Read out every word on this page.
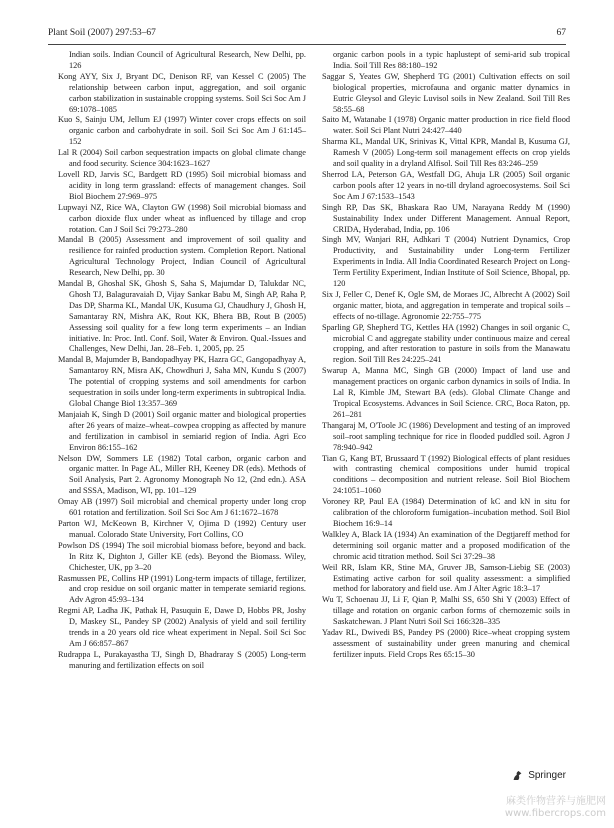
Plant Soil (2007) 297:53–67	67

Indian soils. Indian Council of Agricultural Research, New Delhi, pp. 126

Kong AYY, Six J, Bryant DC, Denison RF, van Kessel C (2005) The relationship between carbon input, aggregation, and soil organic carbon stabilization in sustainable cropping systems. Soil Sci Soc Am J 69:1078–1085

Kuo S, Sainju UM, Jellum EJ (1997) Winter cover crops effects on soil organic carbon and carbohydrate in soil. Soil Sci Soc Am J 61:145–152

Lal R (2004) Soil carbon sequestration impacts on global climate change and food security. Science 304:1623–1627

Lovell RD, Jarvis SC, Bardgett RD (1995) Soil microbial biomass and acidity in long term grassland: effects of management changes. Soil Biol Biochem 27:969–975

Lupwayi NZ, Rice WA, Clayton GW (1998) Soil microbial biomass and carbon dioxide flux under wheat as influenced by tillage and crop rotation. Can J Soil Sci 79:273–280

Mandal B (2005) Assessment and improvement of soil quality and resilience for rainfed production system. Completion Report. National Agricultural Technology Project, Indian Council of Agricultural Research, New Delhi, pp. 30

Mandal B, Ghoshal SK, Ghosh S, Saha S, Majumdar D, Talukdar NC, Ghosh TJ, Balaguravaiah D, Vijay Sankar Babu M, Singh AP, Raha P, Das DP, Sharma KL, Mandal UK, Kusuma GJ, Chaudhury J, Ghosh H, Samantaray RN, Mishra AK, Rout KK, Bhera BB, Rout B (2005) Assessing soil quality for a few long term experiments – an Indian initiative. In: Proc. Intl. Conf. Soil, Water & Environ. Qual.-Issues and Challenges, New Delhi, Jan. 28–Feb. 1, 2005, pp. 25

Mandal B, Majumder B, Bandopadhyay PK, Hazra GC, Gangopadhyay A, Samantaroy RN, Misra AK, Chowdhuri J, Saha MN, Kundu S (2007) The potential of cropping systems and soil amendments for carbon sequestration in soils under long-term experiments in subtropical India. Global Change Biol 13:357–369

Manjaiah K, Singh D (2001) Soil organic matter and biological properties after 26 years of maize–wheat–cowpea cropping as affected by manure and fertilization in cambisol in semiarid region of India. Agri Eco Environ 86:155–162

Nelson DW, Sommers LE (1982) Total carbon, organic carbon and organic matter. In Page AL, Miller RH, Keeney DR (eds). Methods of Soil Analysis, Part 2. Agronomy Monograph No 12, (2nd edn.). ASA and SSSA, Madison, WI, pp. 101–129

Omay AB (1997) Soil microbial and chemical property under long crop 601 rotation and fertilization. Soil Sci Soc Am J 61:1672–1678

Parton WJ, McKeown B, Kirchner V, Ojima D (1992) Century user manual. Colorado State University, Fort Collins, CO

Powlson DS (1994) The soil microbial biomass before, beyond and back. In Ritz K, Dighton J, Giller KE (eds). Beyond the Biomass. Wiley, Chichester, UK, pp 3–20

Rasmussen PE, Collins HP (1991) Long-term impacts of tillage, fertilizer, and crop residue on soil organic matter in temperate semiarid regions. Adv Agron 45:93–134

Regmi AP, Ladha JK, Pathak H, Pasuquin E, Dawe D, Hobbs PR, Joshy D, Maskey SL, Pandey SP (2002) Analysis of yield and soil fertility trends in a 20 years old rice wheat experiment in Nepal. Soil Sci Soc Am J 66:857–867

Rudrappa L, Purakayastha TJ, Singh D, Bhadraray S (2005) Long-term manuring and fertilization effects on soil

organic carbon pools in a typic haplustept of semi-arid sub tropical India. Soil Till Res 88:180–192

Saggar S, Yeates GW, Shepherd TG (2001) Cultivation effects on soil biological properties, microfauna and organic matter dynamics in Eutric Gleysol and Gleyic Luvisol soils in New Zealand. Soil Till Res 58:55–68

Saito M, Watanabe I (1978) Organic matter production in rice field flood water. Soil Sci Plant Nutri 24:427–440

Sharma KL, Mandal UK, Srinivas K, Vittal KPR, Mandal B, Kusuma GJ, Ramesh V (2005) Long-term soil management effects on crop yields and soil quality in a dryland Alfisol. Soil Till Res 83:246–259

Sherrod LA, Peterson GA, Westfall DG, Ahuja LR (2005) Soil organic carbon pools after 12 years in no-till dryland agroecosystems. Soil Sci Soc Am J 67:1533–1543

Singh RP, Das SK, Bhaskara Rao UM, Narayana Reddy M (1990) Sustainability Index under Different Management. Annual Report, CRIDA, Hyderabad, India, pp. 106

Singh MV, Wanjari RH, Adhkari T (2004) Nutrient Dynamics, Crop Productivity, and Sustainability under Long-term Fertilizer Experiments in India. All India Coordinated Research Project on Long-Term Fertility Experiment, Indian Institute of Soil Science, Bhopal, pp. 120

Six J, Feller C, Denef K, Ogle SM, de Moraes JC, Albrecht A (2002) Soil organic matter, biota, and aggregation in temperate and tropical soils – effects of no-tillage. Agronomie 22:755–775

Sparling GP, Shepherd TG, Kettles HA (1992) Changes in soil organic C, microbial C and aggregate stability under continuous maize and cereal cropping, and after restoration to pasture in soils from the Manawatu region. Soil Till Res 24:225–241

Swarup A, Manna MC, Singh GB (2000) Impact of land use and management practices on organic carbon dynamics in soils of India. In Lal R, Kimble JM, Stewart BA (eds). Global Climate Change and Tropical Ecosystems. Advances in Soil Science. CRC, Boca Raton, pp. 261–281

Thangaraj M, O'Toole JC (1986) Development and testing of an improved soil–root sampling technique for rice in flooded puddled soil. Agron J 78:940–942

Tian G, Kang BT, Brussaard T (1992) Biological effects of plant residues with contrasting chemical compositions under humid tropical conditions – decomposition and nutrient release. Soil Biol Biochem 24:1051–1060

Voroney RP, Paul EA (1984) Determination of kC and kN in situ for calibration of the chloroform fumigation–incubation method. Soil Biol Biochem 16:9–14

Walkley A, Black IA (1934) An examination of the Degtjareff method for determining soil organic matter and a proposed modification of the chromic acid titration method. Soil Sci 37:29–38

Weil RR, Islam KR, Stine MA, Gruver JB, Samson-Liebig SE (2003) Estimating active carbon for soil quality assessment: a simplified method for laboratory and field use. Am J Alter Agric 18:3–17

Wu T, Schoenau JJ, Li F, Qian P, Malhi SS, 650 Shi Y (2003) Effect of tillage and rotation on organic carbon forms of chernozemic soils in Saskatchewan. J Plant Nutri Soil Sci 166:328–335

Yadav RL, Dwivedi BS, Pandey PS (2000) Rice–wheat cropping system assessment of sustainability under green manuring and chemical fertilizer inputs. Field Crops Res 65:15–30

Springer
麻类作物营养与施肥网
www.fibercrops.com
